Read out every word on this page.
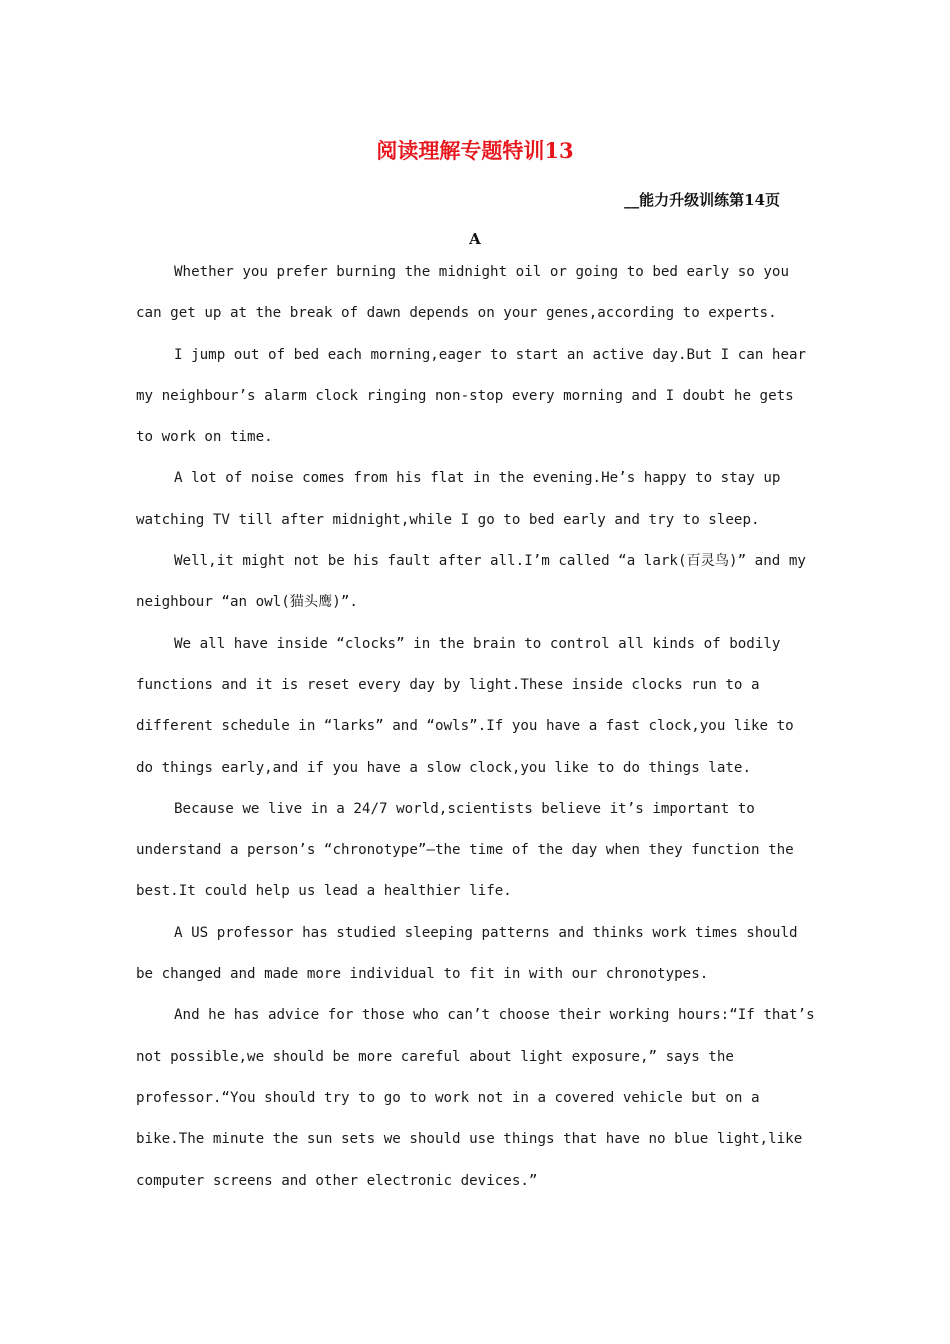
阅读理解专题特训13
__能力升级训练第14页
A

Whether you prefer burning the midnight oil or going to bed early so you can get up at the break of dawn depends on your genes,according to experts.

I jump out of bed each morning,eager to start an active day.But I can hear my neighbour’s alarm clock ringing non-stop every morning and I doubt he gets to work on time.

A lot of noise comes from his flat in the evening.He’s happy to stay up watching TV till after midnight,while I go to bed early and try to sleep.

Well,it might not be his fault after all.I’m called “a lark(百灵鸟)” and my neighbour “an owl(猫头鹰)”.

We all have inside “clocks” in the brain to control all kinds of bodily functions and it is reset every day by light.These inside clocks run to a different schedule in “larks” and “owls”.If you have a fast clock,you like to do things early,and if you have a slow clock,you like to do things late.

Because we live in a 24/7 world,scientists believe it’s important to understand a person’s “chronotype”—the time of the day when they function the best.It could help us lead a healthier life.

A US professor has studied sleeping patterns and thinks work times should be changed and made more individual to fit in with our chronotypes.

And he has advice for those who can’t choose their working hours:“If that’s not possible,we should be more careful about light exposure,” says the professor.“You should try to go to work not in a covered vehicle but on a bike.The minute the sun sets we should use things that have no blue light,like computer screens and other electronic devices.”
